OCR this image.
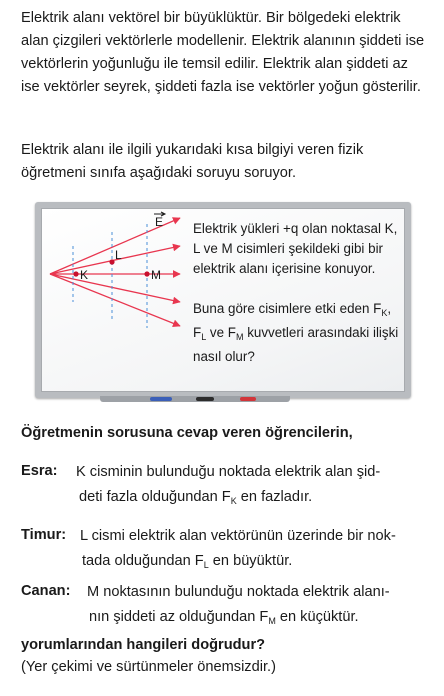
Elektrik alanı vektörel bir büyüklüktür. Bir bölgedeki elektrik alan çizgileri vektörlerle modellenir. Elektrik alanının şiddeti ise vektörlerin yoğunluğu ile temsil edilir. Elektrik alan şiddeti az ise vektörler seyrek, şiddeti fazla ise vektörler yoğun gösterilir.
Elektrik alanı ile ilgili yukarıdaki kısa bilgiyi veren fizik öğretmeni sınıfa aşağıdaki soruyu soruyor.
K
L
M
E Elektrik yükleri +q olan noktasal K, L ve M cisimleri şekildeki gibi bir elektrik alanı içerisine konuyor.
Buna göre cisimlere etki eden $F_K$, $F_L$ ve $F_M$ kuvvetleri arasındaki ilişki nasıl olur?
Öğretmenin sorusuna cevap veren öğrencilerin,
Esra: K cisminin bulunduğu noktada elektrik alan şid-
deti fazla olduğundan $F_K$ en fazladır.
Timur: L cismi elektrik alan vektörünün üzerinde bir nok-
tada olduğundan $F_L$ en büyüktür.
Canan: M noktasının bulunduğu noktada elektrik alanı-
nın şiddeti az olduğundan $F_M$ en küçüktür.
yorumlarından hangileri doğrudur?
(Yer çekimi ve sürtünmeler önemsizdir.)
